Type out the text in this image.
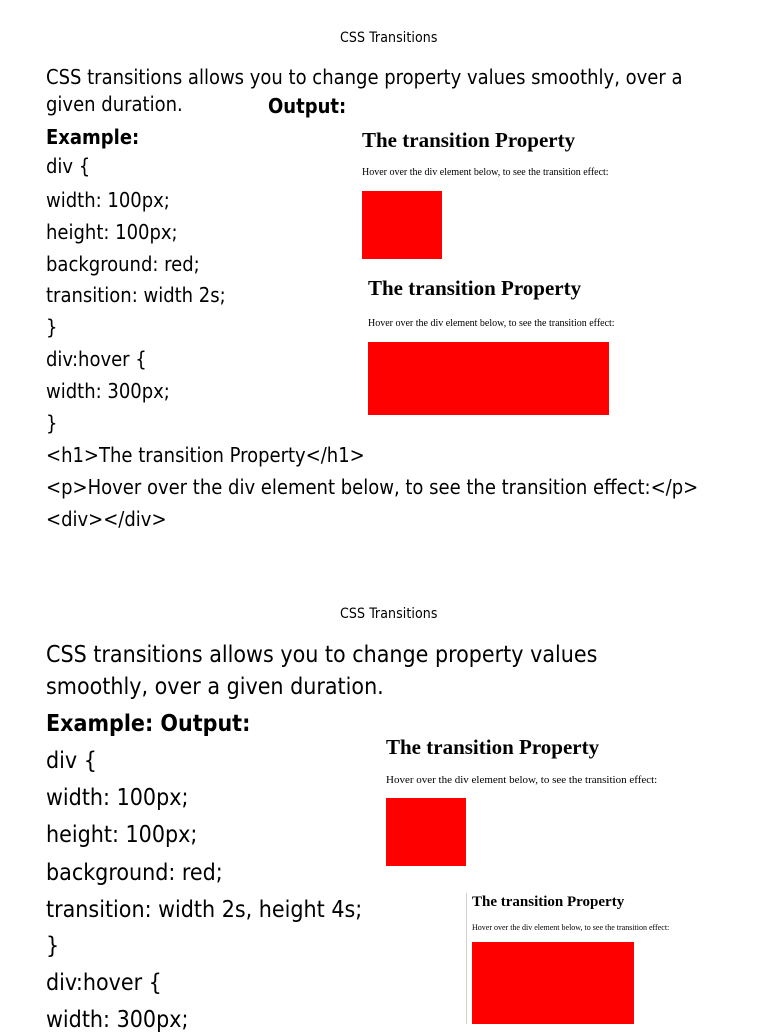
CSS Transitions
CSS transitions allows you to change property values smoothly, over a
given duration.	Output:
Example:
div {
width: 100px;
height: 100px;
background: red;
transition: width 2s;
}
div:hover {
width: 300px;
}
<h1>The transition Property</h1>
<p>Hover over the div element below, to see the transition effect:</p>
<div></div>
The transition Property
Hover over the div element below, to see the transition effect:
The transition Property
Hover over the div element below, to see the transition effect:
CSS Transitions
CSS transitions allows you to change property values
smoothly, over a given duration.
Example: Output:
div {
width: 100px;
height: 100px;
background: red;
transition: width 2s, height 4s;
}
div:hover {
width: 300px;
The transition Property
Hover over the div element below, to see the transition effect:
The transition Property
Hover over the div element below, to see the transition effect:
